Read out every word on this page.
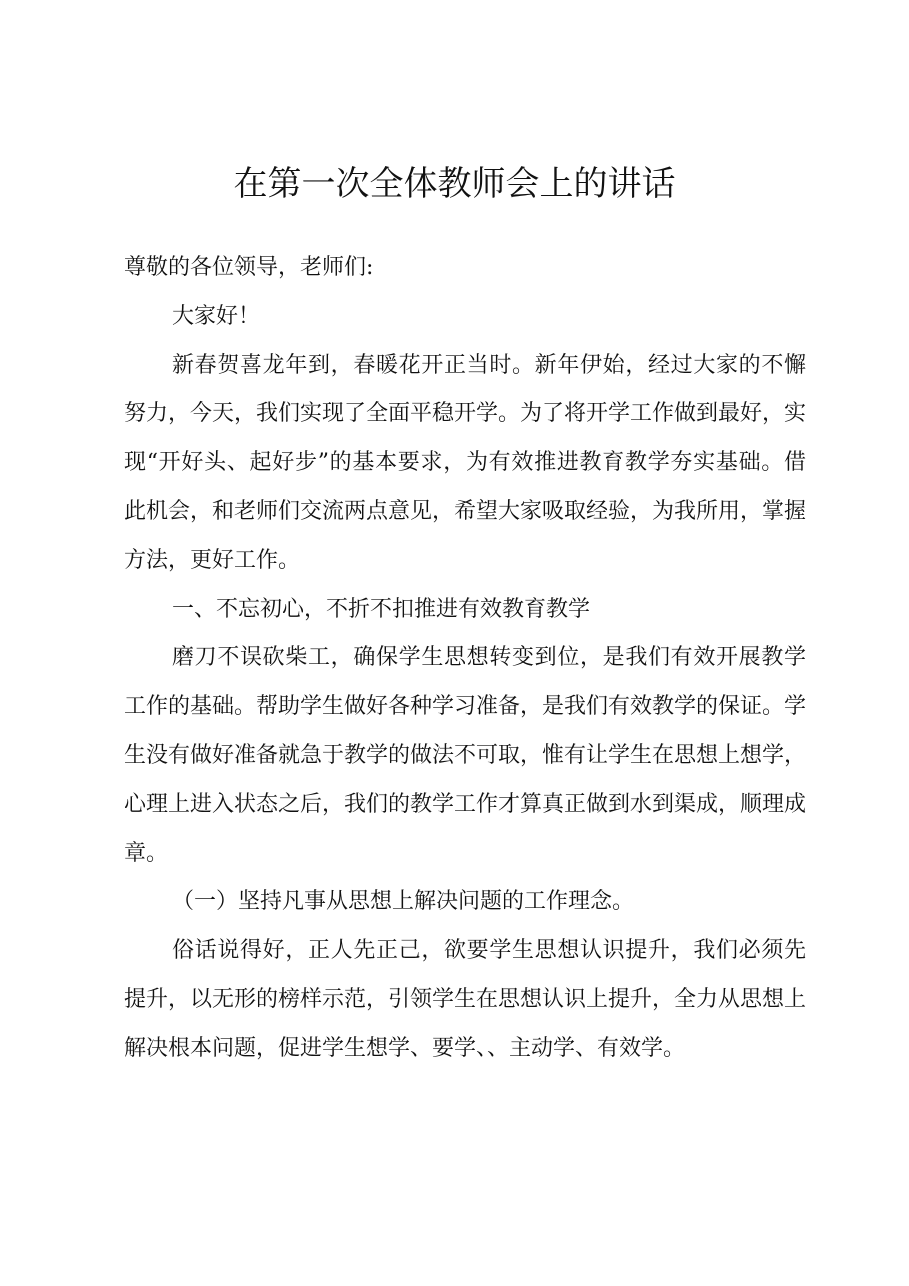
在第一次全体教师会上的讲话

尊敬的各位领导，老师们:

大家好！

新春贺喜龙年到，春暖花开正当时。新年伊始，经过大家的不懈努力，今天，我们实现了全面平稳开学。为了将开学工作做到最好，实现“开好头、起好步”的基本要求，为有效推进教育教学夯实基础。借此机会，和老师们交流两点意见，希望大家吸取经验，为我所用，掌握方法，更好工作。

一、不忘初心，不折不扣推进有效教育教学

磨刀不误砍柴工，确保学生思想转变到位，是我们有效开展教学工作的基础。帮助学生做好各种学习准备，是我们有效教学的保证。学生没有做好准备就急于教学的做法不可取，惟有让学生在思想上想学，心理上进入状态之后，我们的教学工作才算真正做到水到渠成，顺理成章。

（一）坚持凡事从思想上解决问题的工作理念。

俗话说得好，正人先正己，欲要学生思想认识提升，我们必须先提升，以无形的榜样示范，引领学生在思想认识上提升，全力从思想上解决根本问题，促进学生想学、要学、、主动学、有效学。
